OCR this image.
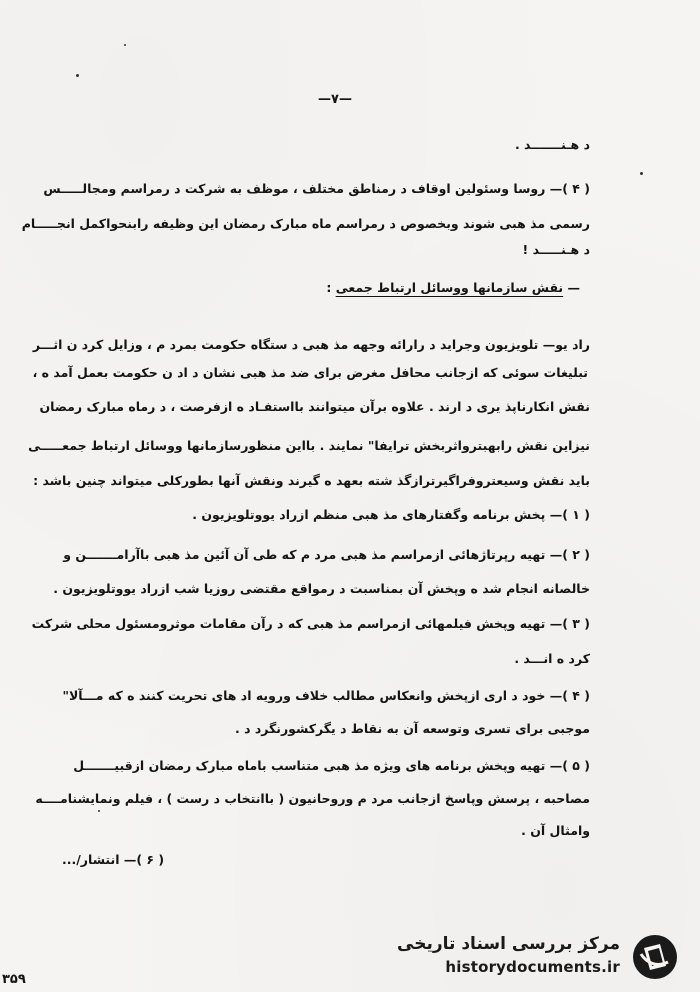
—٧—
د هـنـــــــد .
( ۴ )— روسا وسئولین اوقاف د رمناطق مختلف ، موظف به شرکت د رمراسم ومجالـــــس
رسمی مذ هبی شوند وبخصوص د رمراسم ماه مبارک رمضان این وظیفه رابنحواکمل انجـــــام
د هـنـــــد !
— نقش سازمانها ووسائل ارتباط جمعی :
راد یو— تلویزیون وجراید د رارائه وجهه مذ هبی د ستگاه حکومت بمرد م ، وزایل کرد ن اثـــر
تبلیغات سوئی که ازجانب محافل مغرض برای ضد مذ هبی نشان د اد ن حکومت بعمل آمد ه ،
نقش انکارناپذ یری د ارند . علاوه برآن میتوانند بااستفـاد ه ازفرصت ، د رماه مبارک رمضان
نیزاین نقش رابهبترواثربخش ترایفا" نمایند . بااین منظورسازمانها ووسائل ارتباط جمعـــــی
باید نقش وسیعتروفراگیرترازگذ شته بعهد ه گیرند ونقش آنها بطورکلی میتواند چنین باشد :
( ۱ )— پخش برنامه وگفتارهای مذ هبی منظم ازراد یووتلویزیون .
( ۲ )— تهیه رپرتاژهائی ازمراسم مذ هبی مرد م که طی آن آئین مذ هبی باآرامـــــــن و
خالصانه انجام شد ه وپخش آن بمناسبت د رمواقع مقتضی روزیا شب ازراد یووتلویزیون .
( ۳ )— تهیه وپخش فیلمهائی ازمراسم مذ هبی که د رآن مقامات موثرومسئول محلی شرکت
کرد ه انـــد .
( ۴ )— خود د اری ازپخش وانعکاس مطالب خلاف ورویه اد های تحریت کنند ه که مـــآلا"
موجبی برای تسری وتوسعه آن به نقاط د یگرکشورنگرد د .
( ۵ )— تهیه وپخش برنامه های ویژه مذ هبی متناسب باماه مبارک رمضان ازقبیـــــــل
مصاحبه ، پرسش وپاسخ ازجانب مرد م وروحانیون ( باانتخاب د رست ) ، فیلم ونمایشنامــــه
وامثال آن .
( ۶ )— انتشار/...
۳۵۹
مرکز بررسی اسناد تاریخی
historydocuments.ir
